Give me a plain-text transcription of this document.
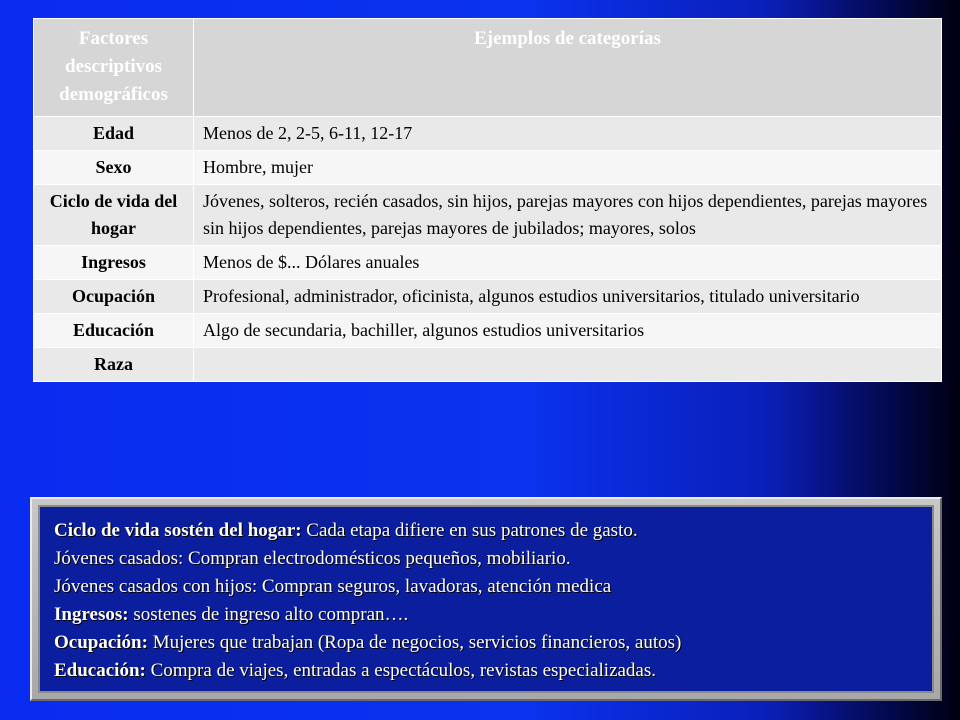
Factores descriptivos demográficos	Ejemplos de categorías
Edad	Menos de 2, 2-5, 6-11, 12-17
Sexo	Hombre, mujer
Ciclo de vida del hogar	Jóvenes, solteros, recién casados, sin hijos, parejas mayores con hijos dependientes, parejas mayores sin hijos dependientes, parejas mayores de jubilados; mayores, solos
Ingresos	Menos de $... Dólares anuales
Ocupación	Profesional, administrador, oficinista, algunos estudios universitarios, titulado universitario
Educación	Algo de secundaria, bachiller, algunos estudios universitarios
Raza	
Ciclo de vida sostén del hogar: Cada etapa difiere en sus patrones de gasto.
Jóvenes casados: Compran electrodomésticos pequeños, mobiliario.
Jóvenes casados con hijos: Compran seguros, lavadoras, atención medica
Ingresos: sostenes de ingreso alto compran….
Ocupación: Mujeres que trabajan (Ropa de negocios, servicios financieros, autos)
Educación: Compra de viajes, entradas a espectáculos, revistas especializadas.
